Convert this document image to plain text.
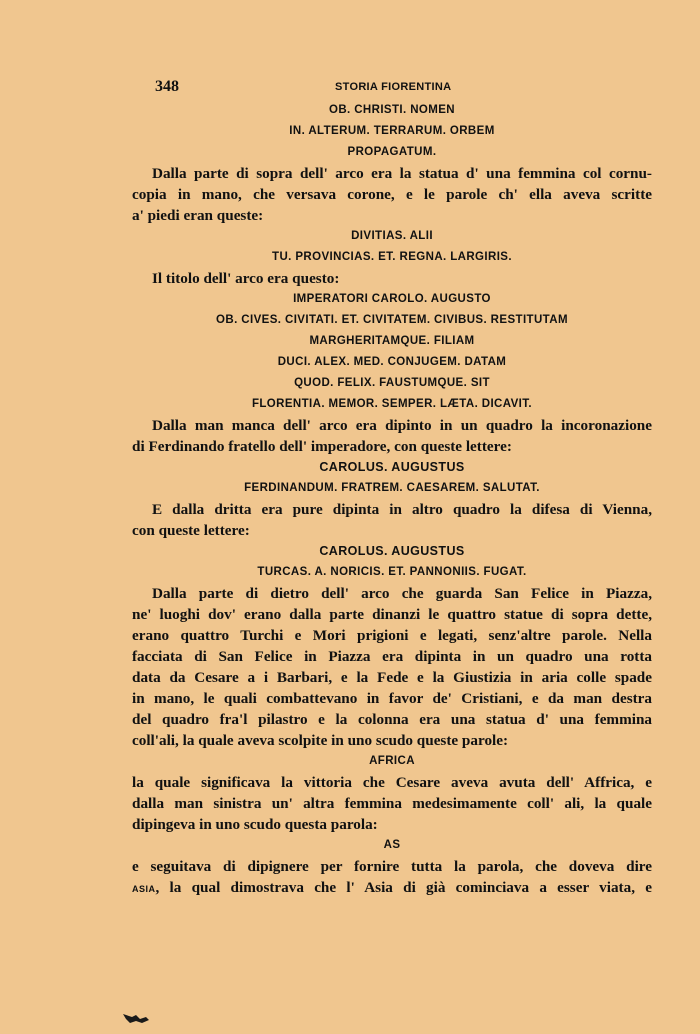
348	STORIA FIORENTINA
OB. CHRISTI. NOMEN
IN. ALTERUM. TERRARUM. ORBEM
PROPAGATUM.
Dalla parte di sopra dell' arco era la statua d' una femmina col cornu-
copia in mano, che versava corone, e le parole ch' ella aveva scritte
a' piedi eran queste:
DIVITIAS. ALII
TU. PROVINCIAS. ET. REGNA. LARGIRIS.
Il titolo dell' arco era questo:
IMPERATORI CAROLO. AUGUSTO
OB. CIVES. CIVITATI. ET. CIVITATEM. CIVIBUS. RESTITUTAM
MARGHERITAMQUE. FILIAM
DUCI. ALEX. MED. CONJUGEM. DATAM
QUOD. FELIX. FAUSTUMQUE. SIT
FLORENTIA. MEMOR. SEMPER. LÆTA. DICAVIT.
Dalla man manca dell' arco era dipinto in un quadro la incoronazione
di Ferdinando fratello dell' imperadore, con queste lettere:
CAROLUS. AUGUSTUS
FERDINANDUM. FRATREM. CAESAREM. SALUTAT.
E dalla dritta era pure dipinta in altro quadro la difesa di Vienna,
con queste lettere:
CAROLUS. AUGUSTUS
TURCAS. A. NORICIS. ET. PANNONIIS. FUGAT.
Dalla parte di dietro dell' arco che guarda San Felice in Piazza,
ne' luoghi dov' erano dalla parte dinanzi le quattro statue di sopra dette,
erano quattro Turchi e Mori prigioni e legati, senz'altre parole. Nella
facciata di San Felice in Piazza era dipinta in un quadro una rotta
data da Cesare a i Barbari, e la Fede e la Giustizia in aria colle spade
in mano, le quali combattevano in favor de' Cristiani, e da man destra
del quadro fra'l pilastro e la colonna era una statua d' una femmina
coll'ali, la quale aveva scolpite in uno scudo queste parole:
AFRICA
la quale significava la vittoria che Cesare aveva avuta dell' Affrica, e
dalla man sinistra un' altra femmina medesimamente coll' ali, la quale
dipingeva in uno scudo questa parola:
AS
e seguitava di dipignere per fornire tutta la parola, che doveva dire
ASIA, la qual dimostrava che l' Asia di già cominciava a esser viata, e
